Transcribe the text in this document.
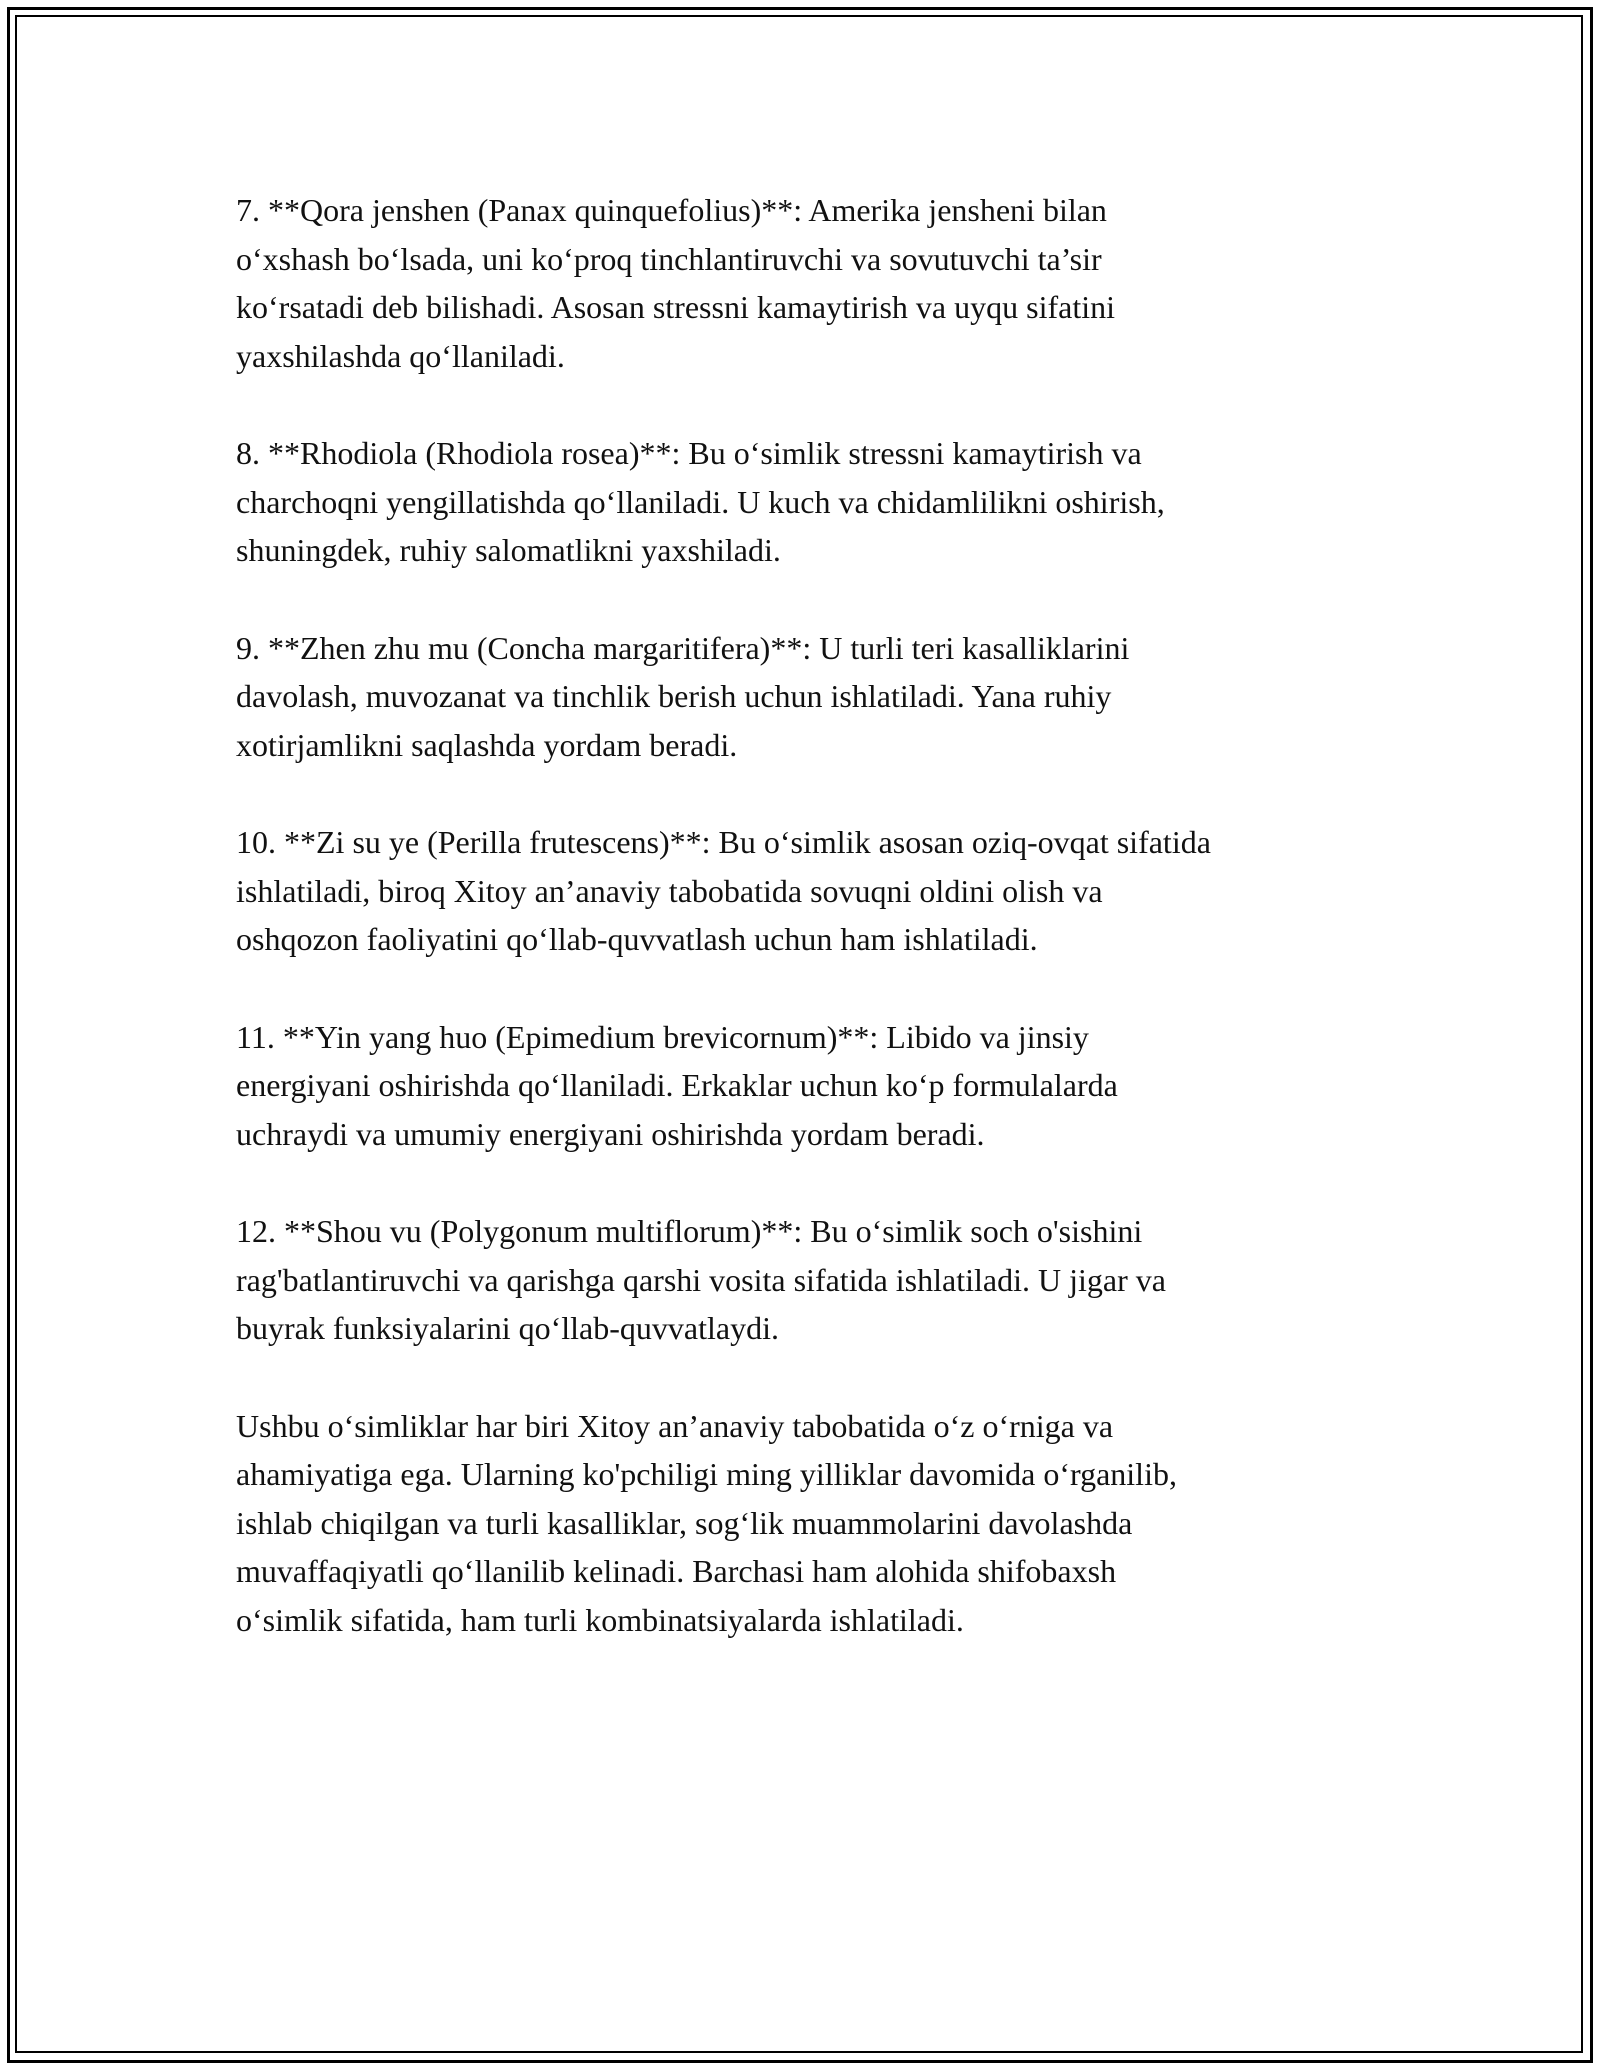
7. **Qora jenshen (Panax quinquefolius)**: Amerika jensheni bilan
o‘xshash bo‘lsada, uni ko‘proq tinchlantiruvchi va sovutuvchi ta’sir
ko‘rsatadi deb bilishadi. Asosan stressni kamaytirish va uyqu sifatini
yaxshilashda qo‘llaniladi.

8. **Rhodiola (Rhodiola rosea)**: Bu o‘simlik stressni kamaytirish va
charchoqni yengillatishda qo‘llaniladi. U kuch va chidamlilikni oshirish,
shuningdek, ruhiy salomatlikni yaxshiladi.

9. **Zhen zhu mu (Concha margaritifera)**: U turli teri kasalliklarini
davolash, muvozanat va tinchlik berish uchun ishlatiladi. Yana ruhiy
xotirjamlikni saqlashda yordam beradi.

10. **Zi su ye (Perilla frutescens)**: Bu o‘simlik asosan oziq-ovqat sifatida
ishlatiladi, biroq Xitoy an’anaviy tabobatida sovuqni oldini olish va
oshqozon faoliyatini qo‘llab-quvvatlash uchun ham ishlatiladi.

11. **Yin yang huo (Epimedium brevicornum)**: Libido va jinsiy
energiyani oshirishda qo‘llaniladi. Erkaklar uchun ko‘p formulalarda
uchraydi va umumiy energiyani oshirishda yordam beradi.

12. **Shou vu (Polygonum multiflorum)**: Bu o‘simlik soch o'sishini
rag'batlantiruvchi va qarishga qarshi vosita sifatida ishlatiladi. U jigar va
buyrak funksiyalarini qo‘llab-quvvatlaydi.

Ushbu o‘simliklar har biri Xitoy an’anaviy tabobatida o‘z o‘rniga va
ahamiyatiga ega. Ularning ko'pchiligi ming yilliklar davomida o‘rganilib,
ishlab chiqilgan va turli kasalliklar, sog‘lik muammolarini davolashda
muvaffaqiyatli qo‘llanilib kelinadi. Barchasi ham alohida shifobaxsh
o‘simlik sifatida, ham turli kombinatsiyalarda ishlatiladi.
